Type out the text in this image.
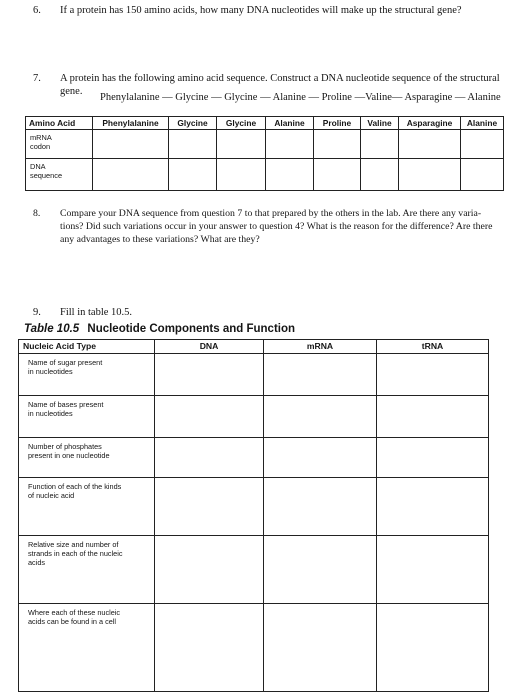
6. If a protein has 150 amino acids, how many DNA nucleotides will make up the structural gene?
7. A protein has the following amino acid sequence. Construct a DNA nucleotide sequence of the structural gene.
Phenylalanine — Glycine — Glycine — Alanine — Proline —Valine— Asparagine — Alanine
Amino Acid	Phenylalanine	Glycine	Glycine	Alanine	Proline	Valine	Asparagine	Alanine

mRNA
codon								

DNA
sequence								

8. Compare your DNA sequence from question 7 to that prepared by the others in the lab. Are there any varia-
tions? Did such variations occur in your answer to question 4? What is the reason for the difference? Are there
any advantages to these variations? What are they?
9. Fill in table 10.5.
Table 10.5 Nucleotide Components and Function
Nucleic Acid Type	DNA	mRNA	tRNA

Name of sugar present
in nucleotides			

Name of bases present
in nucleotides			

Number of phosphates
present in one nucleotide			

Function of each of the kinds
of nucleic acid			

Relative size and number of
strands in each of the nucleic
acids			

Where each of these nucleic
acids can be found in a cell			
